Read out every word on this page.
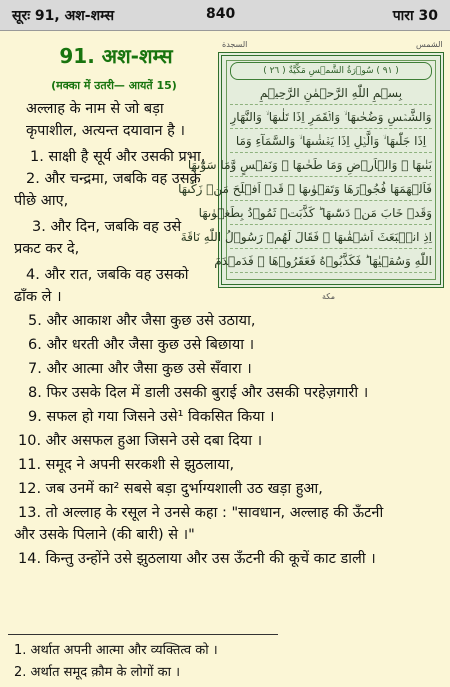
सूरः 91, अश-शम्स	840	पारा 30
91. अश-शम्स
(मक्का में उतरी— आयतें 15)
अल्लाह के नाम से जो बड़ा
कृपाशील, अत्यन्त दयावान है ।
1. साक्षी है सूर्य और उसकी प्रभा,
2. और चन्द्रमा, जबकि वह उसके
पीछे आए,
3. और दिन, जबकि वह उसे
प्रकट कर दे,
4. और रात, जबकि वह उसको
ढाँक ले ।
5. और आकाश और जैसा कुछ उसे उठाया,
6. और धरती और जैसा कुछ उसे बिछाया ।
7. और आत्मा और जैसा कुछ उसे सँवारा ।
8. फिर उसके दिल में डाली उसकी बुराई और उसकी परहेज़गारी ।
9. सफल हो गया जिसने उसे¹ विकसित किया ।
10. और असफल हुआ जिसने उसे दबा दिया ।
11. समूद ने अपनी सरकशी से झुठलाया,
12. जब उनमें का² सबसे बड़ा दुर्भाग्यशाली उठ खड़ा हुआ,
13. तो अल्लाह के रसूल ने उनसे कहा : "सावधान, अल्लाह की ऊँटनी
और उसके पिलाने (की बारी) से ।"
14. किन्तु उन्होंने उसे झुठलाया और उस ऊँटनी की कूचें काट डाली ।
السجدة	الشمس
( ٩١ ) سُوۡرَةُ الشَّمۡسِ مَكِّيَّةٌ ( ٢٦ )
بِسۡمِ اللّٰهِ الرَّحۡمٰنِ الرَّحِيۡمِ
وَالشَّمۡسِ وَضُحٰىهَا ۙ وَالۡقَمَرِ اِذَا تَلٰىهَا ۙ وَالنَّهَارِ
اِذَا جَلّٰىهَا ۙ وَالَّيۡلِ اِذَا يَغۡشٰىهَا ۙ وَالسَّمَآءِ وَمَا
بَنٰىهَا ۙ وَالۡاَرۡضِ وَمَا طَحٰىهَا ۙ وَنَفۡسٍ وَّمَا سَوّٰىهَا
فَاَلۡهَمَهَا فُجُوۡرَهَا وَتَقۡوٰىهَا ۙ قَدۡ اَفۡلَحَ مَنۡ زَكّٰىهَا
وَقَدۡ خَابَ مَنۡ دَسّٰىهَا ؕ كَذَّبَتۡ ثَمُوۡدُ بِطَغۡوٰىهَا
اِذِ انۡۢبَعَثَ اَشۡقٰىهَا ۙ فَقَالَ لَهُمۡ رَسُوۡلُ اللّٰهِ نَاقَةَ
اللّٰهِ وَسُقۡيٰهَا ؕ فَكَذَّبُوۡهُ فَعَقَرُوۡهَا ۙ فَدَمۡدَمَ
مكة
1. अर्थात अपनी आत्मा और व्यक्तित्व को ।
2. अर्थात समूद क़ौम के लोगों का ।
